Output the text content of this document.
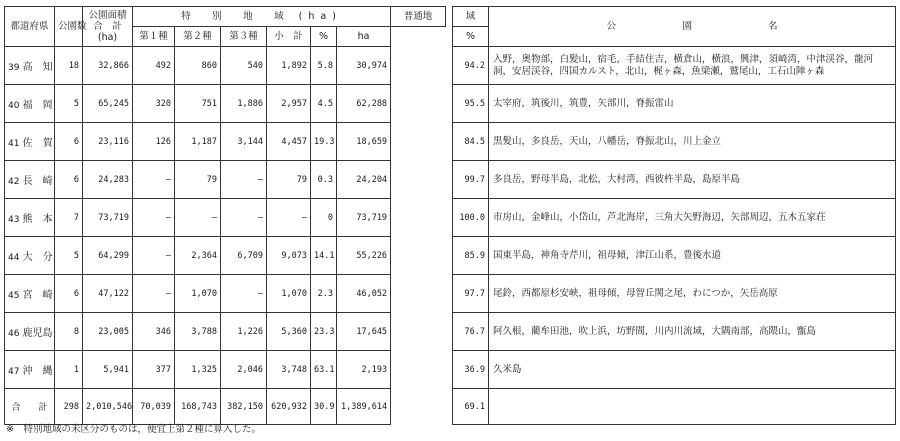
都道府県	公園数	公園面積
合　計
(ha)	特　別　地　域 (ha)						普通地
			第１種	第２種	第３種	小　計	%	ha	
39 高　知	18	32,866	492	860	540	1,892	5.8	30,974	
40 福　岡	5	65,245	320	751	1,886	2,957	4.5	62,288	
41 佐　賀	6	23,116	126	1,187	3,144	4,457	19.3	18,659	
42 長　崎	6	24,283	—	79	—	79	0.3	24,204	
43 熊　本	7	73,719	—	—	—	—	0	73,719	
44 大　分	5	64,299	—	2,364	6,709	9,073	14.1	55,226	
45 宮　崎	6	47,122	—	1,070	—	1,070	2.3	46,052	
46 鹿児島	8	23,005	346	3,788	1,226	5,360	23.3	17,645	
47 沖　縄	1	5,941	377	1,325	2,046	3,748	63.1	2,193	
合　　計	298	2,010,546	70,039	168,743	382,150	620,932	30.9	1,389,614	
域	公　　　　　　　園　　　　　　　　名
%	
94.2	入野，奥物部，白髪山，宿毛，手結住吉，横倉山，横浪，興津，須崎湾，中津渓谷，龍河洞，安居渓谷，四国カルスト，北山，梶ヶ森，魚梁瀬，鷲尾山，工石山陣ヶ森
95.5	太宰府，筑後川，筑豊，矢部川，脊振雷山
84.5	黒髪山，多良岳，天山，八幡岳，脊振北山，川上金立
99.7	多良岳，野母半島，北松，大村湾，西彼杵半島，島原半島
100.0	市房山，金峰山，小岱山，芦北海岸，三角大矢野海辺，矢部周辺，五木五家荘
85.9	国東半島，神角寺芹川，祖母傾，津江山系，豊後水道
97.7	尾鈴，西都原杉安峡，祖母傾，母智丘関之尾，わにつか，矢岳高原
76.7	阿久根，藺牟田池，吹上浜，坊野間，川内川流域，大隅南部，高隈山，甑島
36.9	久米島
69.1	
※　特別地域の未区分のものは，便宜上第２種に算入した。
